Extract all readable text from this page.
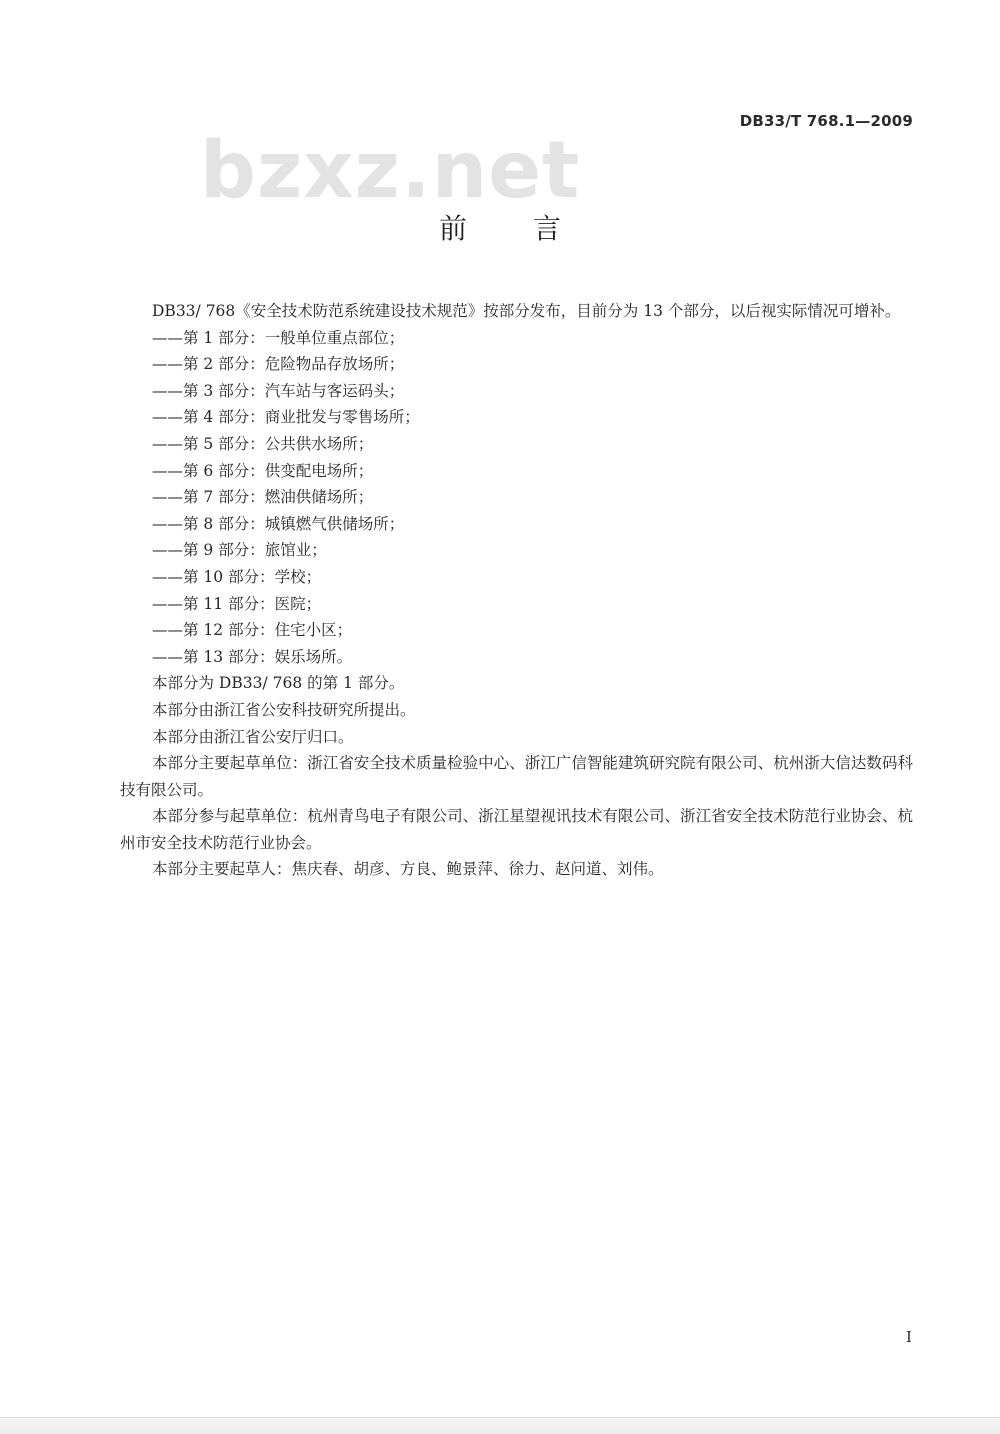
DB33/T 768.1—2009
bzxz.net
前言

DB33/ 768《安全技术防范系统建设技术规范》按部分发布，目前分为 13 个部分，以后视实际情况可增补。

——第 1 部分：一般单位重点部位；

——第 2 部分：危险物品存放场所；

——第 3 部分：汽车站与客运码头；

——第 4 部分：商业批发与零售场所；

——第 5 部分：公共供水场所；

——第 6 部分：供变配电场所；

——第 7 部分：燃油供储场所；

——第 8 部分：城镇燃气供储场所；

——第 9 部分：旅馆业；

——第 10 部分：学校；

——第 11 部分：医院；

——第 12 部分：住宅小区；

——第 13 部分：娱乐场所。

本部分为 DB33/ 768 的第 1 部分。

本部分由浙江省公安科技研究所提出。

本部分由浙江省公安厅归口。

本部分主要起草单位：浙江省安全技术质量检验中心、浙江广信智能建筑研究院有限公司、杭州浙大信达数码科技有限公司。

本部分参与起草单位：杭州青鸟电子有限公司、浙江星望视讯技术有限公司、浙江省安全技术防范行业协会、杭州市安全技术防范行业协会。

本部分主要起草人：焦庆春、胡彦、方良、鲍景萍、徐力、赵问道、刘伟。

I
